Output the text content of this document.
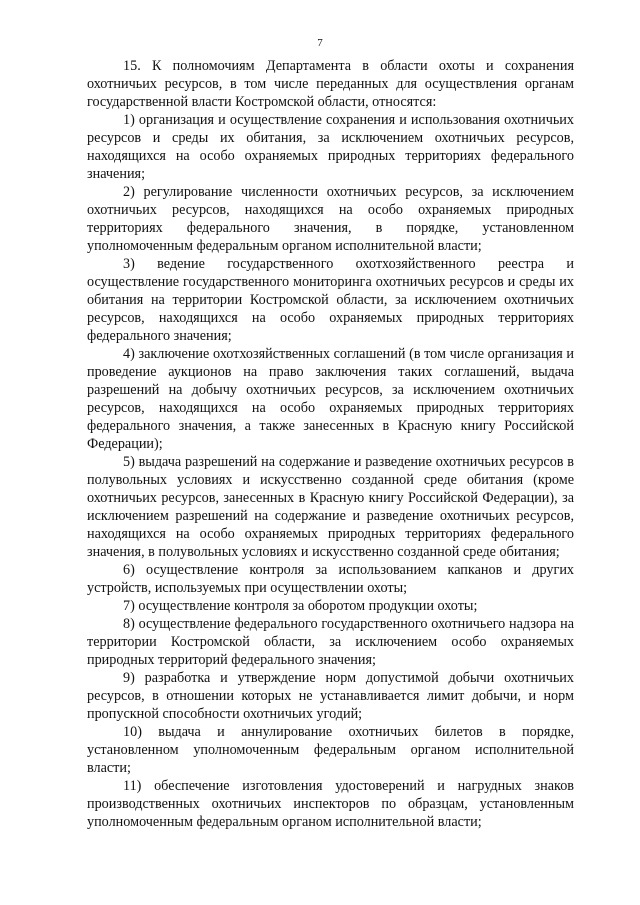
7

15. К полномочиям Департамента в области охоты и сохранения охотничьих ресурсов, в том числе переданных для осуществления органам государственной власти Костромской области, относятся:

1) организация и осуществление сохранения и использования охотничьих ресурсов и среды их обитания, за исключением охотничьих ресурсов, находящихся на особо охраняемых природных территориях федерального значения;

2) регулирование численности охотничьих ресурсов, за исключением охотничьих ресурсов, находящихся на особо охраняемых природных территориях федерального значения, в порядке, установленном уполномоченным федеральным органом исполнительной власти;

3) ведение государственного охотхозяйственного реестра и осуществление государственного мониторинга охотничьих ресурсов и среды их обитания на территории Костромской области, за исключением охотничьих ресурсов, находящихся на особо охраняемых природных территориях федерального значения;

4) заключение охотхозяйственных соглашений (в том числе организация и проведение аукционов на право заключения таких соглашений, выдача разрешений на добычу охотничьих ресурсов, за исключением охотничьих ресурсов, находящихся на особо охраняемых природных территориях федерального значения, а также занесенных в Красную книгу Российской Федерации);

5) выдача разрешений на содержание и разведение охотничьих ресурсов в полувольных условиях и искусственно созданной среде обитания (кроме охотничьих ресурсов, занесенных в Красную книгу Российской Федерации), за исключением разрешений на содержание и разведение охотничьих ресурсов, находящихся на особо охраняемых природных территориях федерального значения, в полувольных условиях и искусственно созданной среде обитания;

6) осуществление контроля за использованием капканов и других устройств, используемых при осуществлении охоты;

7) осуществление контроля за оборотом продукции охоты;

8) осуществление федерального государственного охотничьего надзора на территории Костромской области, за исключением особо охраняемых природных территорий федерального значения;

9) разработка и утверждение норм допустимой добычи охотничьих ресурсов, в отношении которых не устанавливается лимит добычи, и норм пропускной способности охотничьих угодий;

10) выдача и аннулирование охотничьих билетов в порядке, установленном уполномоченным федеральным органом исполнительной власти;

11) обеспечение изготовления удостоверений и нагрудных знаков производственных охотничьих инспекторов по образцам, установленным уполномоченным федеральным органом исполнительной власти;
